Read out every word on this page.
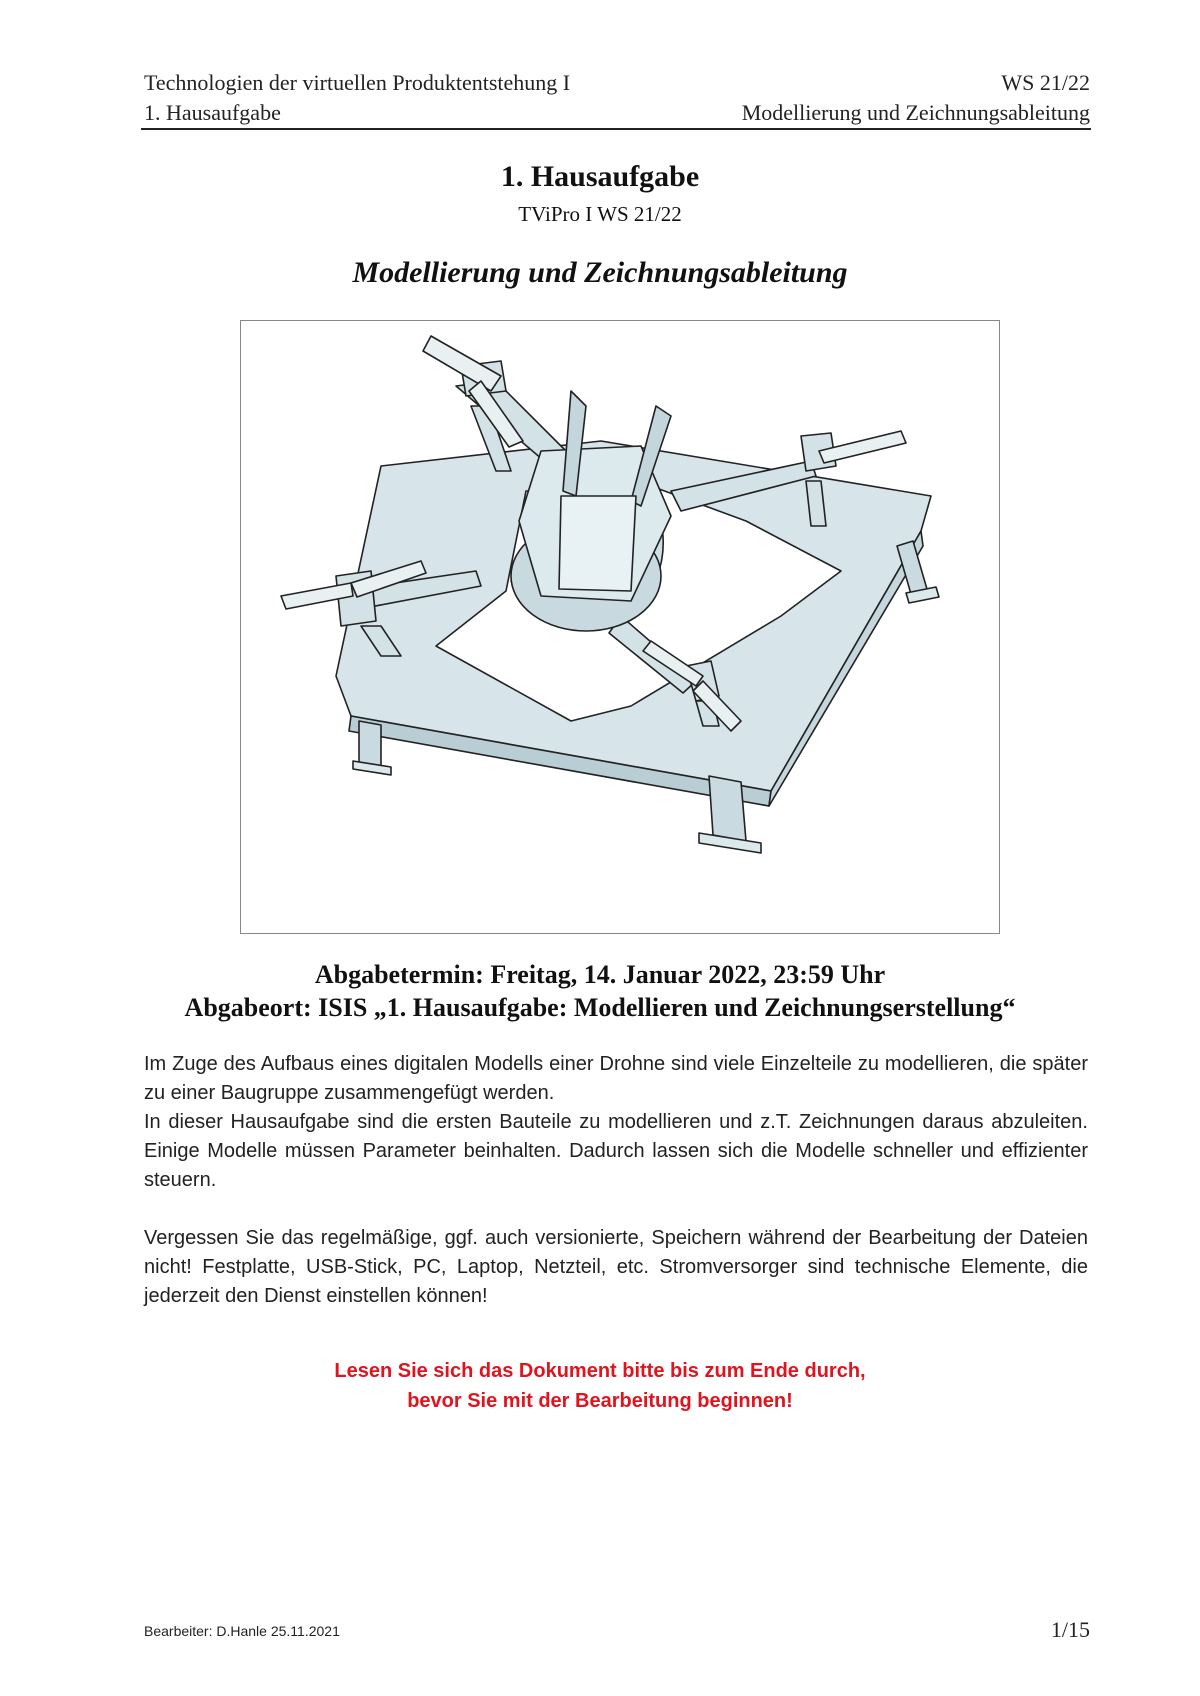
Technologien der virtuellen Produktentstehung I	WS 21/22
1. Hausaufgabe	Modellierung und Zeichnungsableitung
1. Hausaufgabe
TViPro I WS 21/22
Modellierung und Zeichnungsableitung
Abgabetermin: Freitag, 14. Januar 2022, 23:59 Uhr
Abgabeort: ISIS „1. Hausaufgabe: Modellieren und Zeichnungserstellung“
Im Zuge des Aufbaus eines digitalen Modells einer Drohne sind viele Einzelteile zu modellieren, die später zu einer Baugruppe zusammengefügt werden.
In dieser Hausaufgabe sind die ersten Bauteile zu modellieren und z.T. Zeichnungen daraus abzuleiten. Einige Modelle müssen Parameter beinhalten. Dadurch lassen sich die Modelle schneller und effizienter steuern.
Vergessen Sie das regelmäßige, ggf. auch versionierte, Speichern während der Bearbeitung der Dateien nicht! Festplatte, USB-Stick, PC, Laptop, Netzteil, etc. Stromversorger sind technische Elemente, die jederzeit den Dienst einstellen können!
Lesen Sie sich das Dokument bitte bis zum Ende durch,
bevor Sie mit der Bearbeitung beginnen!
Bearbeiter: D.Hanle 25.11.2021	1/15
